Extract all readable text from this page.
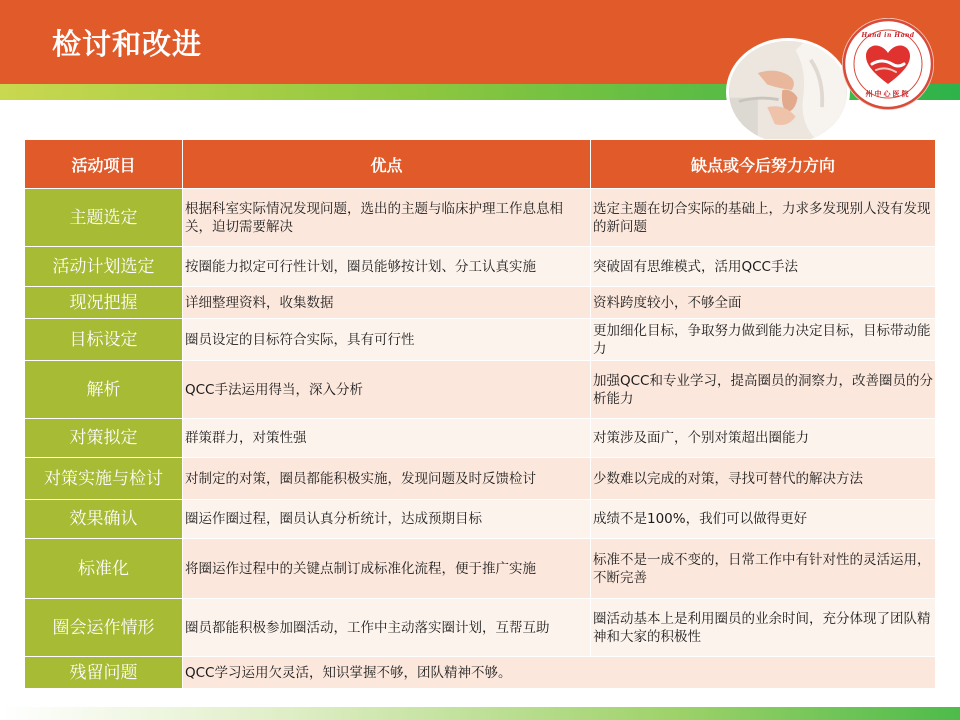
检讨和改进	Hand in Hand
州中心医院
活动项目	优点	缺点或今后努力方向
主题选定	根据科室实际情况发现问题，选出的主题与临床护理工作息息相关，迫切需要解决	选定主题在切合实际的基础上，力求多发现别人没有发现的新问题
活动计划选定	按圈能力拟定可行性计划，圈员能够按计划、分工认真实施	突破固有思维模式，活用QCC手法
现况把握	详细整理资料，收集数据	资料跨度较小，不够全面
目标设定	圈员设定的目标符合实际，具有可行性	更加细化目标，争取努力做到能力决定目标，目标带动能力
解析	QCC手法运用得当，深入分析	加强QCC和专业学习，提高圈员的洞察力，改善圈员的分析能力
对策拟定	群策群力，对策性强	对策涉及面广，个别对策超出圈能力
对策实施与检讨	对制定的对策，圈员都能积极实施，发现问题及时反馈检讨	少数难以完成的对策，寻找可替代的解决方法
效果确认	圈运作圈过程，圈员认真分析统计，达成预期目标	成绩不是100%，我们可以做得更好
标准化	将圈运作过程中的关键点制订成标准化流程，便于推广实施	标准不是一成不变的，日常工作中有针对性的灵活运用，不断完善
圈会运作情形	圈员都能积极参加圈活动，工作中主动落实圈计划，互帮互助	圈活动基本上是利用圈员的业余时间，充分体现了团队精神和大家的积极性
残留问题	QCC学习运用欠灵活，知识掌握不够，团队精神不够。	
